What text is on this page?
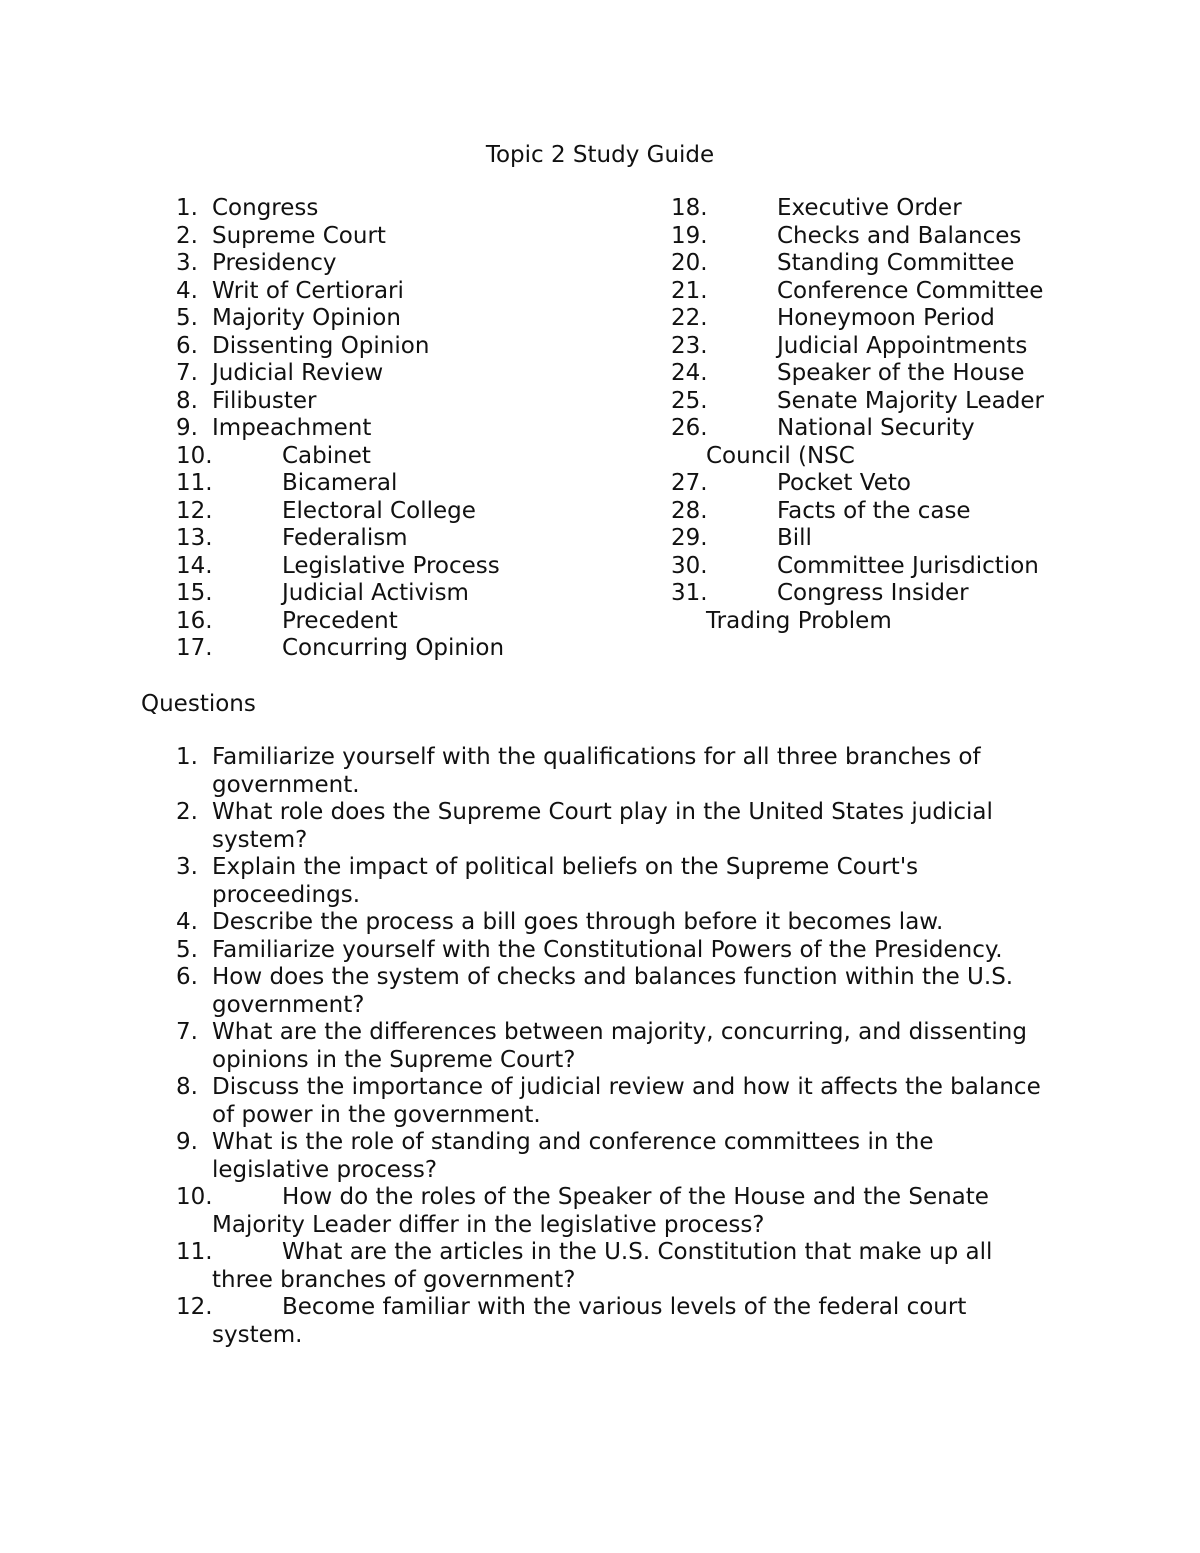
Topic 2 Study Guide
1. Congress
2. Supreme Court
3. Presidency
4. Writ of Certiorari
5. Majority Opinion
6. Dissenting Opinion
7. Judicial Review
8. Filibuster
9. Impeachment
10.	Cabinet
11.	Bicameral
12.	Electoral College
13.	Federalism
14.	Legislative Process
15.	Judicial Activism
16.	Precedent
17.	Concurring Opinion
18.	Executive Order
19.	Checks and Balances
20.	Standing Committee
21.	Conference Committee
22.	Honeymoon Period
23.	Judicial Appointments
24.	Speaker of the House
25.	Senate Majority Leader
26.	National Security
Council (NSC
27.	Pocket Veto
28.	Facts of the case
29.	Bill
30.	Committee Jurisdiction
31.	Congress Insider
Trading Problem
Questions
1. Familiarize yourself with the qualifications for all three branches of government.
2. What role does the Supreme Court play in the United States judicial system?
3. Explain the impact of political beliefs on the Supreme Court's proceedings.
4. Describe the process a bill goes through before it becomes law.
5. Familiarize yourself with the Constitutional Powers of the Presidency.
6. How does the system of checks and balances function within the U.S. government?
7. What are the differences between majority, concurring, and dissenting opinions in the Supreme Court?
8. Discuss the importance of judicial review and how it affects the balance of power in the government.
9. What is the role of standing and conference committees in the legislative process?
10.	How do the roles of the Speaker of the House and the Senate Majority Leader differ in the legislative process?
11.	What are the articles in the U.S. Constitution that make up all three branches of government?
12.	Become familiar with the various levels of the federal court system.
